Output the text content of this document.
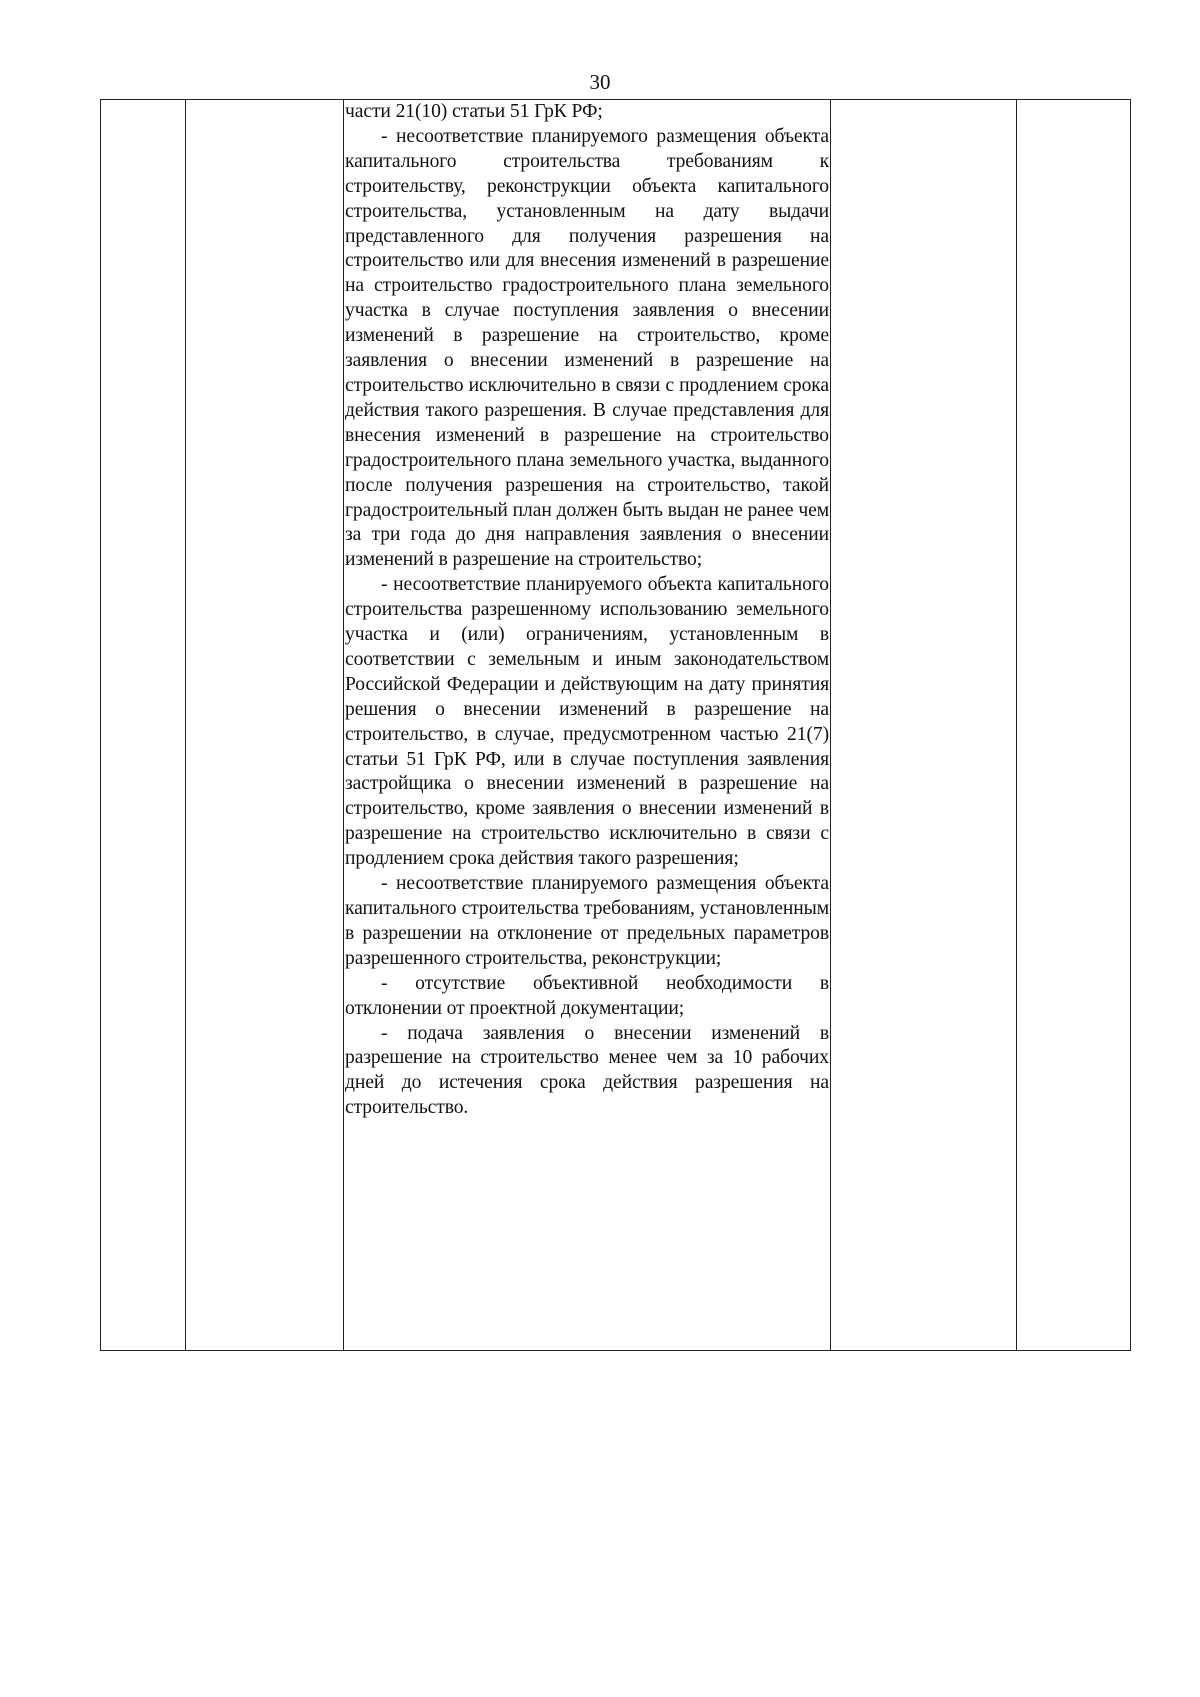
30

части 21(10) статьи 51 ГрК РФ;

- несоответствие планируемого размещения объекта капитального строительства требованиям к строительству, реконструкции объекта капитального строительства, установленным на дату выдачи представленного для получения разрешения на строительство или для внесения изменений в разрешение на строительство градостроительного плана земельного участка в случае поступления заявления о внесении изменений в разрешение на строительство, кроме заявления о внесении изменений в разрешение на строительство исключительно в связи с продлением срока действия такого разрешения. В случае представления для внесения изменений в разрешение на строительство градостроительного плана земельного участка, выданного после получения разрешения на строительство, такой градостроительный план должен быть выдан не ранее чем за три года до дня направления заявления о внесении изменений в разрешение на строительство;

- несоответствие планируемого объекта капитального строительства разрешенному использованию земельного участка и (или) ограничениям, установленным в соответствии с земельным и иным законодательством Российской Федерации и действующим на дату принятия решения о внесении изменений в разрешение на строительство, в случае, предусмотренном частью 21(7) статьи 51 ГрК РФ, или в случае поступления заявления застройщика о внесении изменений в разрешение на строительство, кроме заявления о внесении изменений в разрешение на строительство исключительно в связи с продлением срока действия такого разрешения;

- несоответствие планируемого размещения объекта капитального строительства требованиям, установленным в разрешении на отклонение от предельных параметров разрешенного строительства, реконструкции;

- отсутствие объективной необходимости в отклонении от проектной документации;

- подача заявления о внесении изменений в разрешение на строительство менее чем за 10 рабочих дней до истечения срока действия разрешения на строительство.
